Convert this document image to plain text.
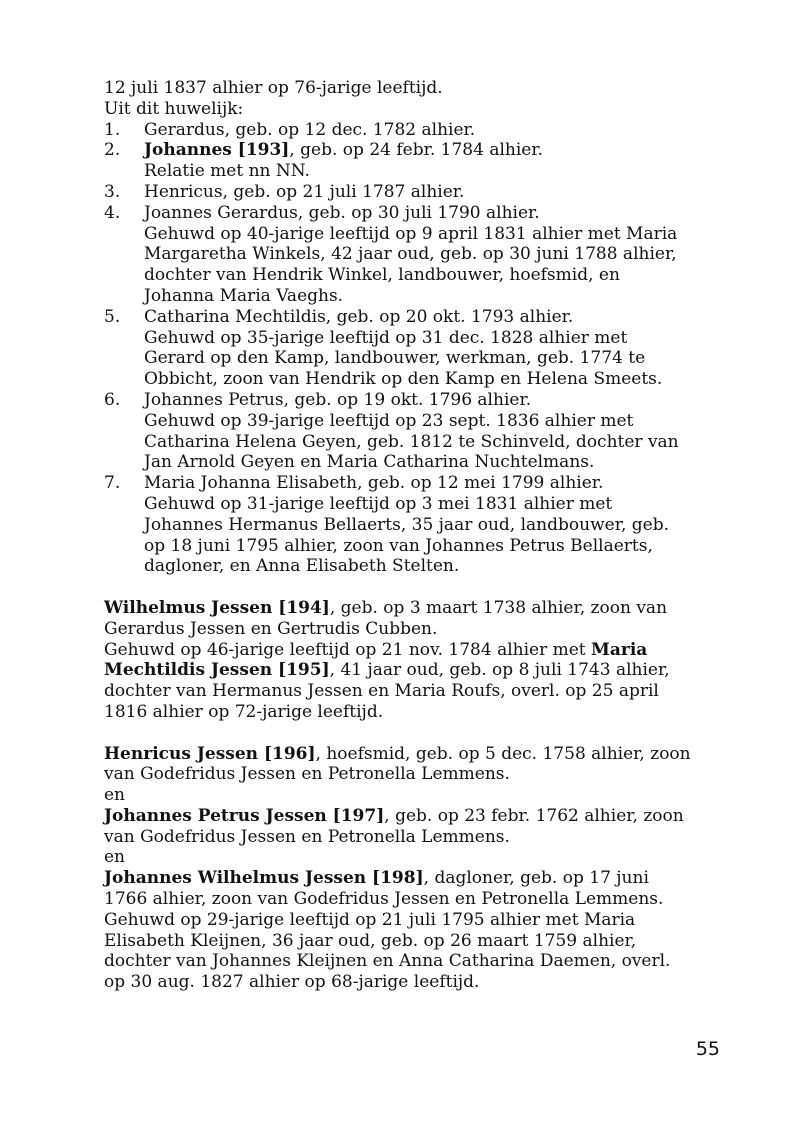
12 juli 1837 alhier op 76-jarige leeftijd.
Uit dit huwelijk:
1.	Gerardus, geb. op 12 dec. 1782 alhier.
2.	Johannes [193], geb. op 24 febr. 1784 alhier.
Relatie met nn NN.
3.	Henricus, geb. op 21 juli 1787 alhier.
4.	Joannes Gerardus, geb. op 30 juli 1790 alhier.
Gehuwd op 40-jarige leeftijd op 9 april 1831 alhier met Maria
Margaretha Winkels, 42 jaar oud, geb. op 30 juni 1788 alhier,
dochter van Hendrik Winkel, landbouwer, hoefsmid, en
Johanna Maria Vaeghs.
5.	Catharina Mechtildis, geb. op 20 okt. 1793 alhier.
Gehuwd op 35-jarige leeftijd op 31 dec. 1828 alhier met
Gerard op den Kamp, landbouwer, werkman, geb. 1774 te
Obbicht, zoon van Hendrik op den Kamp en Helena Smeets.
6.	Johannes Petrus, geb. op 19 okt. 1796 alhier.
Gehuwd op 39-jarige leeftijd op 23 sept. 1836 alhier met
Catharina Helena Geyen, geb. 1812 te Schinveld, dochter van
Jan Arnold Geyen en Maria Catharina Nuchtelmans.
7.	Maria Johanna Elisabeth, geb. op 12 mei 1799 alhier.
Gehuwd op 31-jarige leeftijd op 3 mei 1831 alhier met
Johannes Hermanus Bellaerts, 35 jaar oud, landbouwer, geb.
op 18 juni 1795 alhier, zoon van Johannes Petrus Bellaerts,
dagloner, en Anna Elisabeth Stelten.
Wilhelmus Jessen [194], geb. op 3 maart 1738 alhier, zoon van
Gerardus Jessen en Gertrudis Cubben.
Gehuwd op 46-jarige leeftijd op 21 nov. 1784 alhier met Maria
Mechtildis Jessen [195], 41 jaar oud, geb. op 8 juli 1743 alhier,
dochter van Hermanus Jessen en Maria Roufs, overl. op 25 april
1816 alhier op 72-jarige leeftijd.
Henricus Jessen [196], hoefsmid, geb. op 5 dec. 1758 alhier, zoon
van Godefridus Jessen en Petronella Lemmens.
en
Johannes Petrus Jessen [197], geb. op 23 febr. 1762 alhier, zoon
van Godefridus Jessen en Petronella Lemmens.
en
Johannes Wilhelmus Jessen [198], dagloner, geb. op 17 juni
1766 alhier, zoon van Godefridus Jessen en Petronella Lemmens.
Gehuwd op 29-jarige leeftijd op 21 juli 1795 alhier met Maria
Elisabeth Kleijnen, 36 jaar oud, geb. op 26 maart 1759 alhier,
dochter van Johannes Kleijnen en Anna Catharina Daemen, overl.
op 30 aug. 1827 alhier op 68-jarige leeftijd.
55
